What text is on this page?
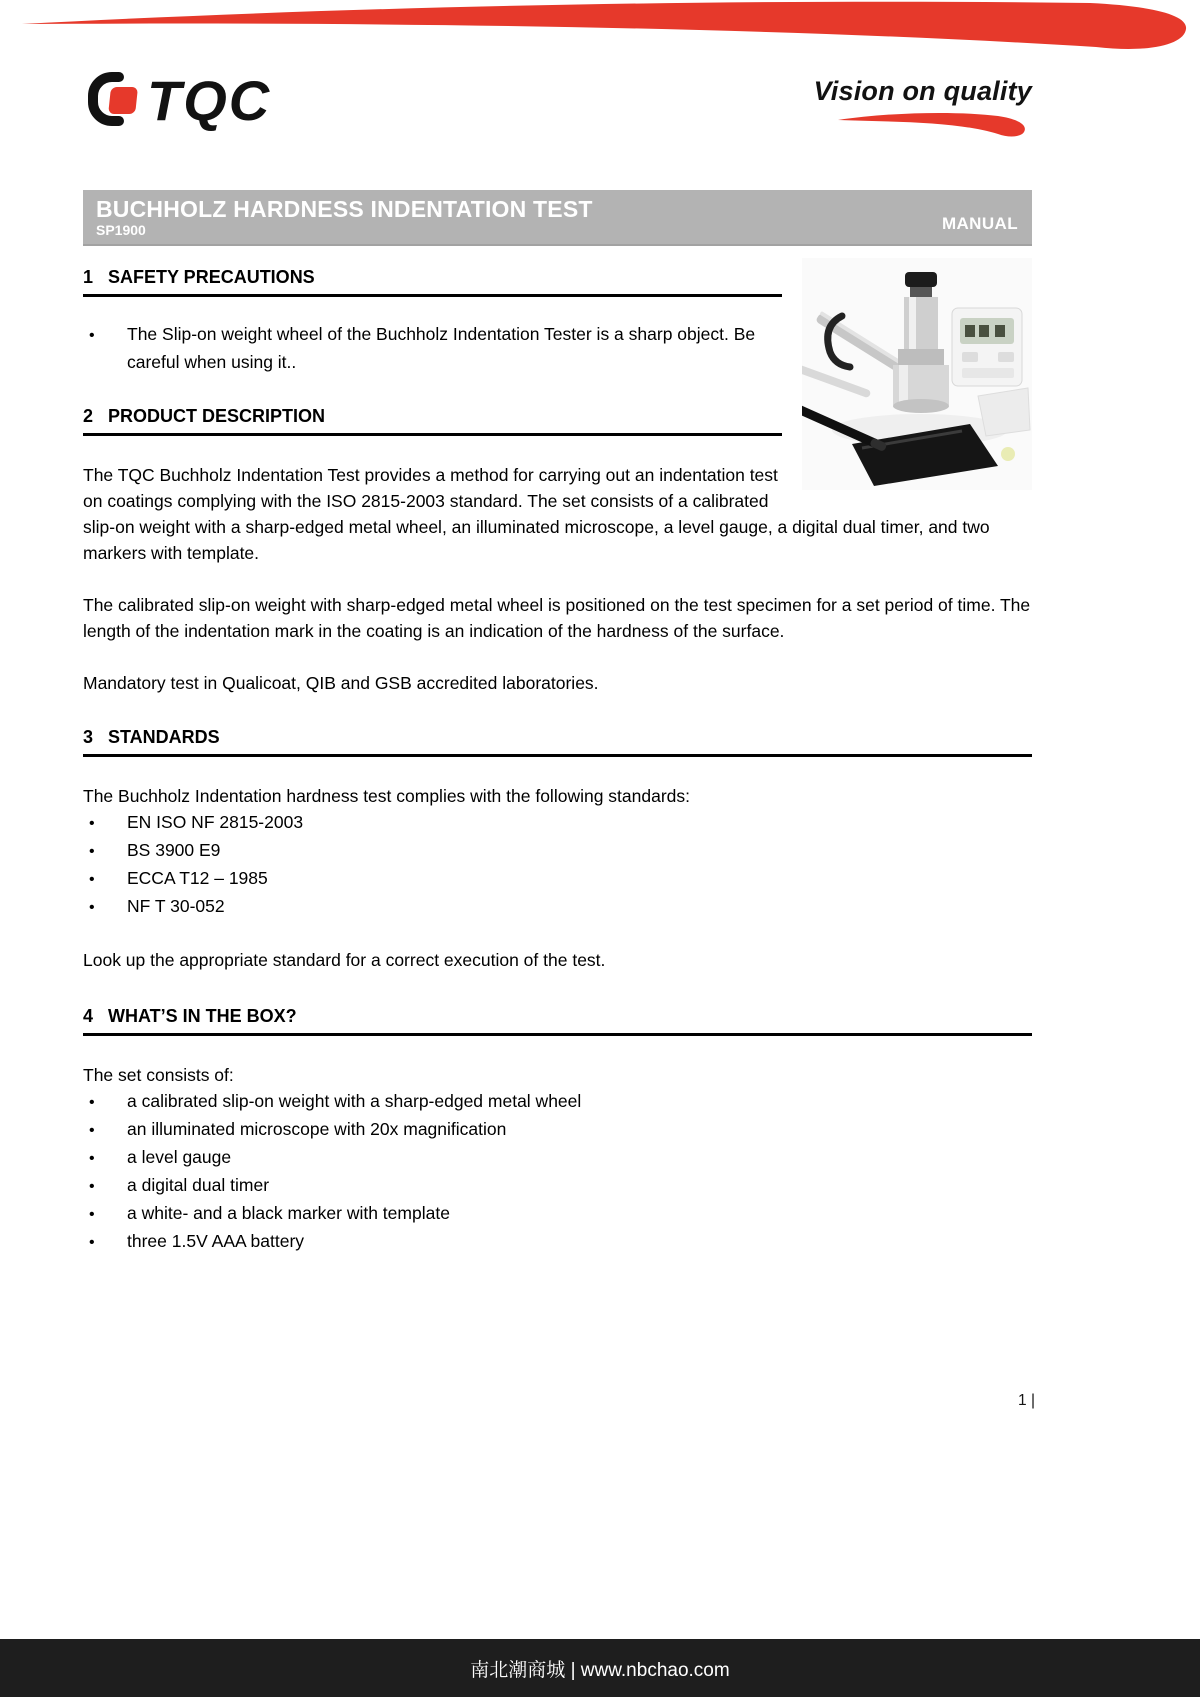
TQC	Vision on quality
BUCHHOLZ HARDNESS INDENTATION TEST
SP1900	MANUAL
1 SAFETY PRECAUTIONS
• The Slip-on weight wheel of the Buchholz Indentation Tester is a sharp object. Be careful when using it..
2 PRODUCT DESCRIPTION

The TQC Buchholz Indentation Test provides a method for carrying out an indentation test on coatings complying with the ISO 2815-2003 standard. The set consists of a calibrated slip-on weight with a sharp-edged metal wheel, an illuminated microscope, a level gauge, a digital dual timer, and two markers with template.

The calibrated slip-on weight with sharp-edged metal wheel is positioned on the test specimen for a set period of time. The length of the indentation mark in the coating is an indication of the hardness of the surface.

Mandatory test in Qualicoat, QIB and GSB accredited laboratories.

3 STANDARDS

The Buchholz Indentation hardness test complies with the following standards:

• EN ISO NF 2815-2003
• BS 3900 E9
• ECCA T12 – 1985
• NF T 30-052

Look up the appropriate standard for a correct execution of the test.

4 WHAT’S IN THE BOX?

The set consists of:

• a calibrated slip-on weight with a sharp-edged metal wheel
• an illuminated microscope with 20x magnification
• a level gauge
• a digital dual timer
• a white- and a black marker with template
• three 1.5V AAA battery
1 |
南北潮商城 | www.nbchao.com
